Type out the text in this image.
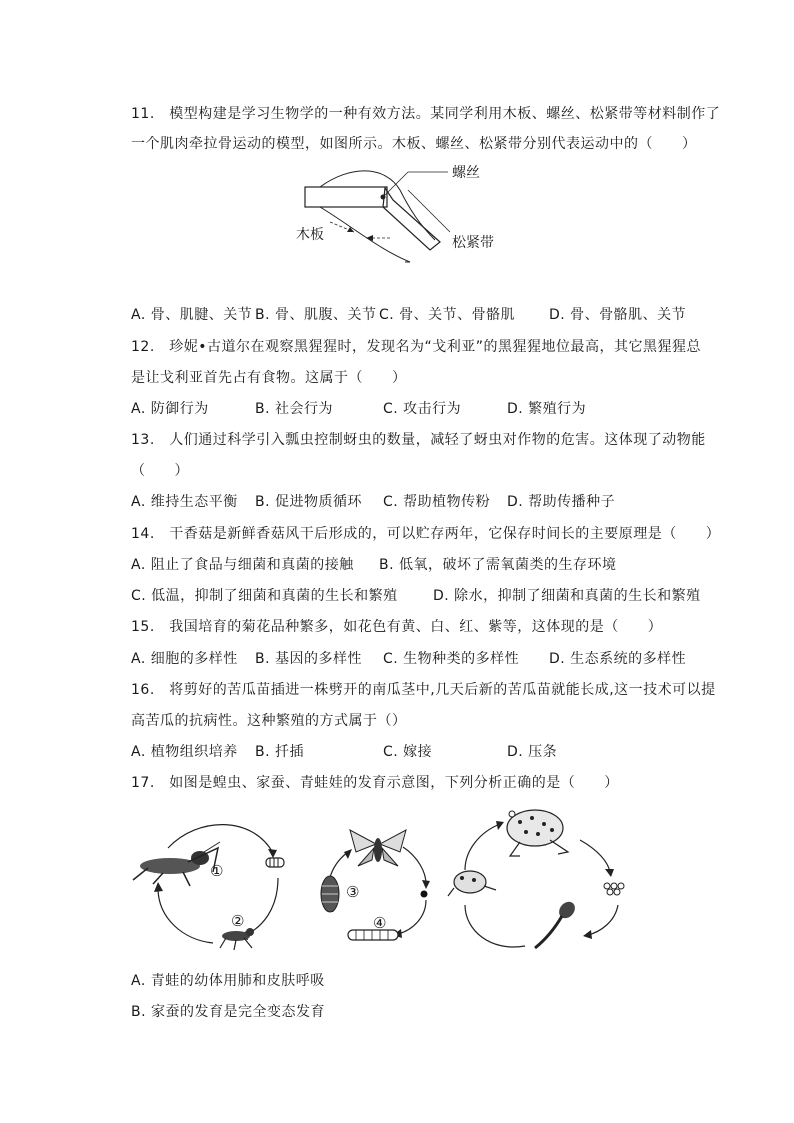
11.　模型构建是学习生物学的一种有效方法。某同学利用木板、螺丝、松紧带等材料制作了
一个肌肉牵拉骨运动的模型，如图所示。木板、螺丝、松紧带分别代表运动中的（　　）
螺丝
木板	松紧带
A. 骨、肌腱、关节 B. 骨、肌腹、关节 C. 骨、关节、骨骼肌 D. 骨、骨骼肌、关节
12.　珍妮•古道尔在观察黑猩猩时，发现名为“戈利亚”的黑猩猩地位最高，其它黑猩猩总
是让戈利亚首先占有食物。这属于（　　）
A. 防御行为	B. 社会行为	C. 攻击行为	D. 繁殖行为
13.　人们通过科学引入瓢虫控制蚜虫的数量，减轻了蚜虫对作物的危害。这体现了动物能
（　　）
A. 维持生态平衡 B. 促进物质循环 C. 帮助植物传粉 D. 帮助传播种子
14.　干香菇是新鲜香菇风干后形成的，可以贮存两年，它保存时间长的主要原理是（　　）
A. 阻止了食品与细菌和真菌的接触 B. 低氧，破坏了需氧菌类的生存环境
C. 低温，抑制了细菌和真菌的生长和繁殖	D. 除水，抑制了细菌和真菌的生长和繁殖
15.　我国培育的菊花品种繁多，如花色有黄、白、红、紫等，这体现的是（　　）
A. 细胞的多样性 B. 基因的多样性 C. 生物种类的多样性 D. 生态系统的多样性
16.　将剪好的苦瓜苗插进一株劈开的南瓜茎中,几天后新的苦瓜苗就能长成,这一技术可以提
高苦瓜的抗病性。这种繁殖的方式属于（）
A. 植物组织培养 B. 扦插	C. 嫁接	D. 压条
17.　如图是蝗虫、家蚕、青蛙娃的发育示意图，下列分析正确的是（　　）
①
②
③
④
A. 青蛙的幼体用肺和皮肤呼吸
B. 家蚕的发育是完全变态发育
